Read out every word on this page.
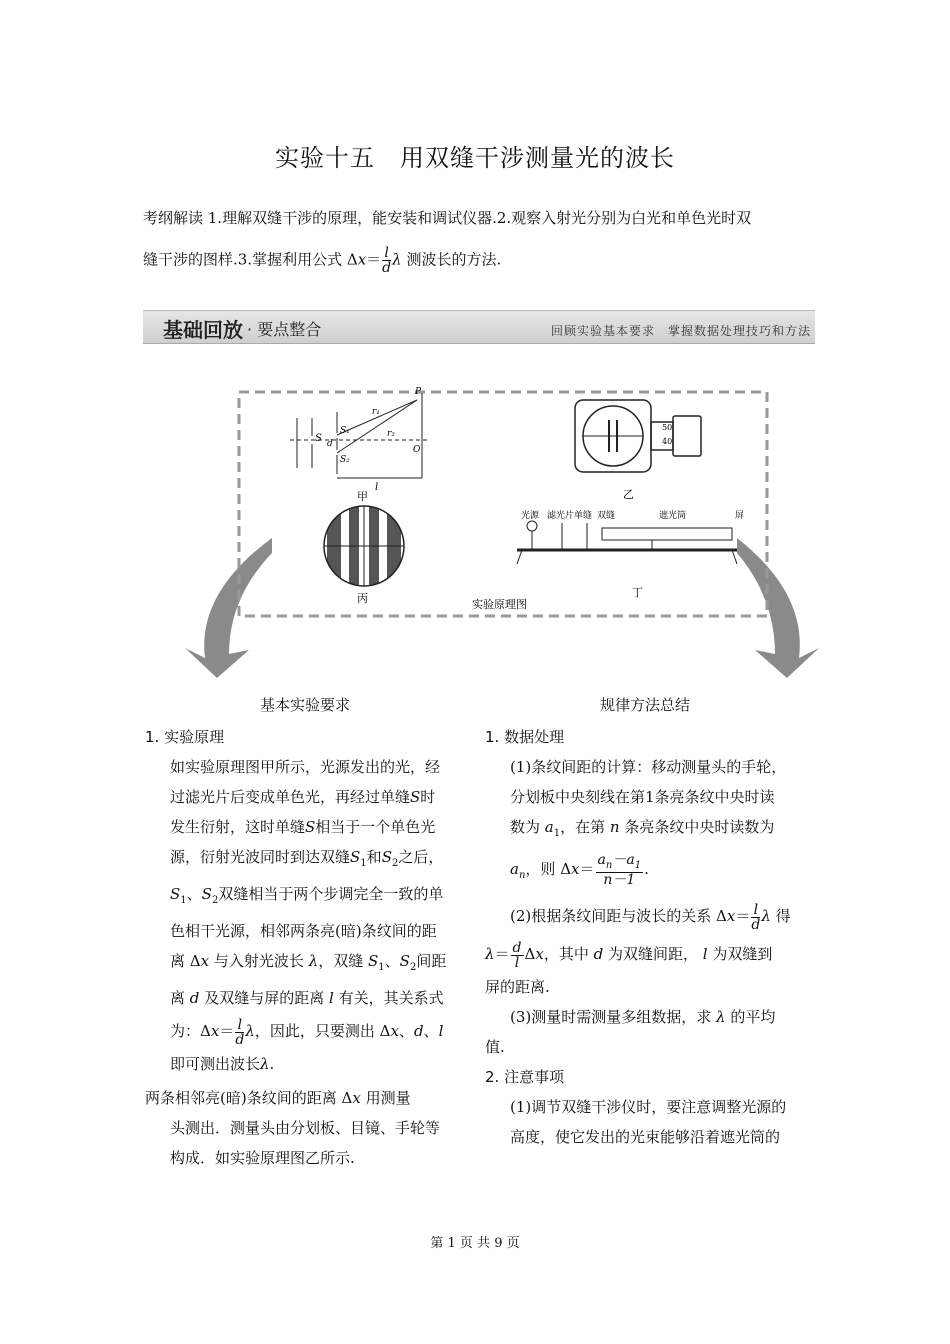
实验十五　用双缝干涉测量光的波长
考纲解读 1.理解双缝干涉的原理，能安装和调试仪器.2.观察入射光分别为白光和单色光时双
缝干涉的图样.3.掌握利用公式 $\Delta x= \frac{l}{d}$ λ 测波长的方法.
基础回放 · 要点整合	回顾实验基本要求　掌握数据处理技巧和方法
S
S₁
S₂
d
r₁
r₂
P
O
l
甲
丙
50
40
乙
光源 滤光片 单缝 双缝	遮光筒	屏
丁
实验原理图
基本实验要求	规律方法总结

1. 实验原理

如实验原理图甲所示，光源发出的光，经

过滤光片后变成单色光，再经过单缝S时

发生衍射，这时单缝S相当于一个单色光

源，衍射光波同时到达双缝$S_1$和$S_2$之后，

$S_1$、$S_2$双缝相当于两个步调完全一致的单

色相干光源，相邻两条亮(暗)条纹间的距

离 Δx 与入射光波长 λ，双缝 $S_1$、$S_2$间距

离 d 及双缝与屏的距离 l 有关，其关系式

为：$\Delta x= \frac{l}{d}$ λ，因此，只要测出 Δx、d、l

即可测出波长λ.

两条相邻亮(暗)条纹间的距离 Δx 用测量

头测出．测量头由分划板、目镜、手轮等

构成．如实验原理图乙所示.

1. 数据处理

(1)条纹间距的计算：移动测量头的手轮，

分划板中央刻线在第1条亮条纹中央时读

数为 $a_1$，在第 n 条亮条纹中央时读数为

$a_n$，则 $\Delta x= \frac{a_n-a_1}{n-1}$ .

(2)根据条纹间距与波长的关系 $\Delta x= \frac{l}{d}$ λ 得

$\lambda= \frac{d}{l}$ Δx，其中 d 为双缝间距， l 为双缝到

屏的距离.

(3)测量时需测量多组数据，求 λ 的平均

值.

2. 注意事项

(1)调节双缝干涉仪时，要注意调整光源的

高度，使它发出的光束能够沿着遮光筒的

第 1 页 共 9 页
